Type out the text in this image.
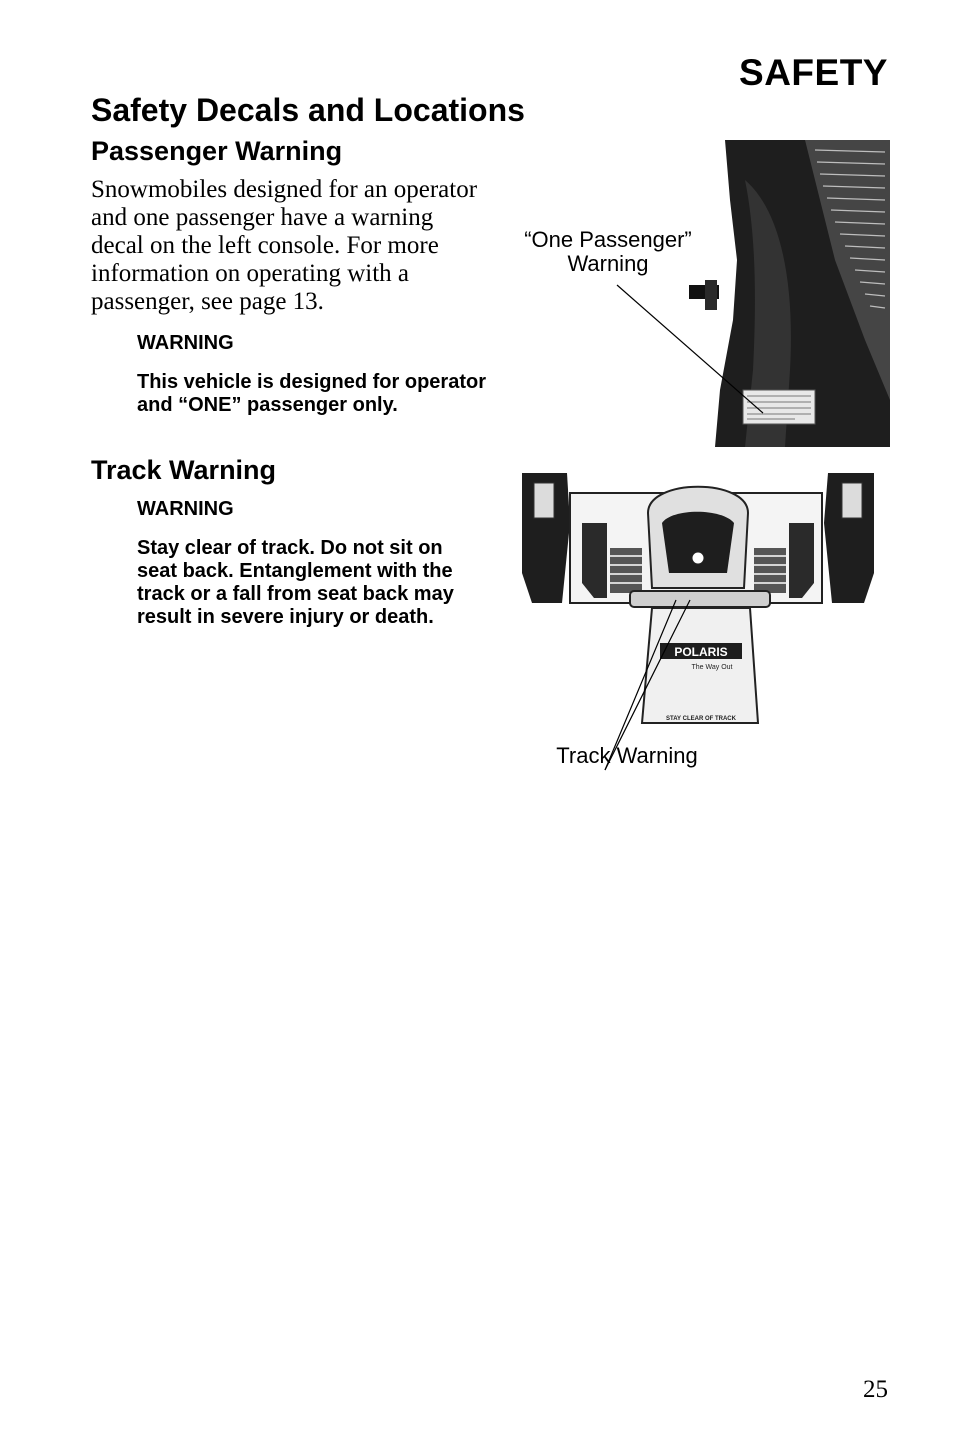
SAFETY
Safety Decals and Locations
Passenger Warning

Snowmobiles designed for an operator and one passenger have a warning decal on the left console. For more information on operating with a passenger, see page 13.

WARNING

This vehicle is designed for operator and “ONE” passenger only.

Track Warning

WARNING

Stay clear of track. Do not sit on seat back. Entanglement with the track or a fall from seat back may result in severe injury or death.

POLARIS
The Way Out
STAY CLEAR OF TRACK
“One Passenger” Warning
Track Warning
25
